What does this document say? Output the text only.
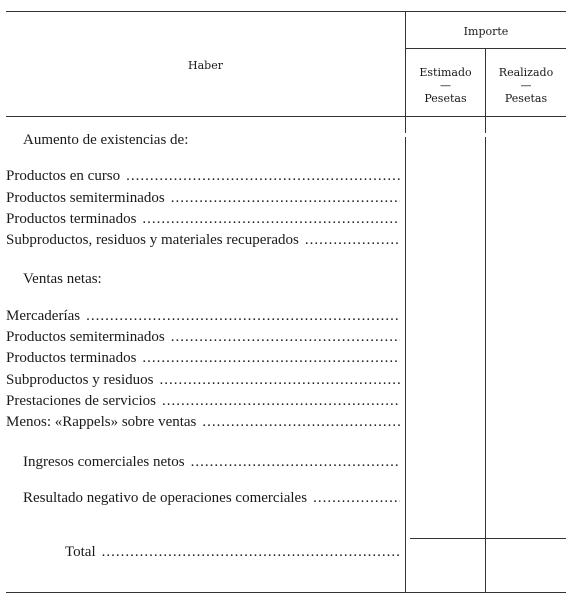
Haber
Importe
Estimado
—
Pesetas
Realizado
—
Pesetas
Aumento de existencias de:
Productos en curso
.....
Productos semiterminados
.....
Productos terminados
.....
Subproductos, residuos y materiales recuperados
.....
Ventas netas:
Mercaderías
.....
Productos semiterminados
.....
Productos terminados
.....
Subproductos y residuos
.....
Prestaciones de servicios
.....
Menos: «Rappels» sobre ventas
.....
Ingresos comerciales netos
.....
Resultado negativo de operaciones comerciales
.....
Total
.....
